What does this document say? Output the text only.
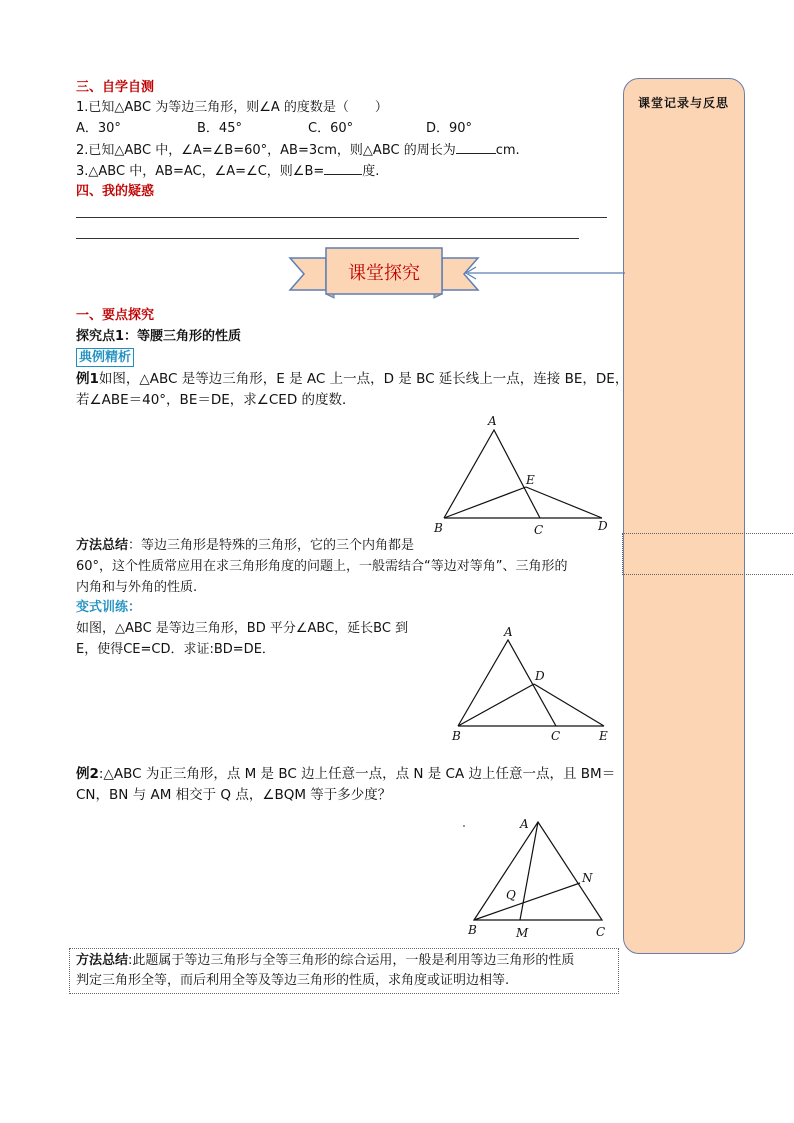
课堂记录与反思
三、自学自测
1.已知△ABC 为等边三角形，则∠A 的度数是（　　）
A．30°	B．45°	C．60°	D．90°
2.已知△ABC 中，∠A=∠B=60°，AB=3cm，则△ABC 的周长为	cm.
3.△ABC 中，AB=AC，∠A=∠C，则∠B=	度.
四、我的疑惑
课堂探究
一、要点探究
探究点1：等腰三角形的性质
典例精析
例1如图，△ABC 是等边三角形，E 是 AC 上一点，D 是 BC 延长线上一点，连接 BE，DE，
若∠ABE＝40°，BE＝DE，求∠CED 的度数．
A
B	C	D
E
方法总结：等边三角形是特殊的三角形，它的三个内角都是
60°，这个性质常应用在求三角形角度的问题上，一般需结合“等边对等角”、三角形的
内角和与外角的性质.
变式训练：
如图，△ABC 是等边三角形，BD 平分∠ABC，延长BC 到
E，使得CE=CD．求证:BD=DE．
A
B	C
D
E
例2:△ABC 为正三角形，点 M 是 BC 边上任意一点，点 N 是 CA 边上任意一点，且 BM＝
CN，BN 与 AM 相交于 Q 点，∠BQM 等于多少度？
A
B	C
M
N
Q
方法总结:此题属于等边三角形与全等三角形的综合运用，一般是利用等边三角形的性质
判定三角形全等，而后利用全等及等边三角形的性质，求角度或证明边相等.
